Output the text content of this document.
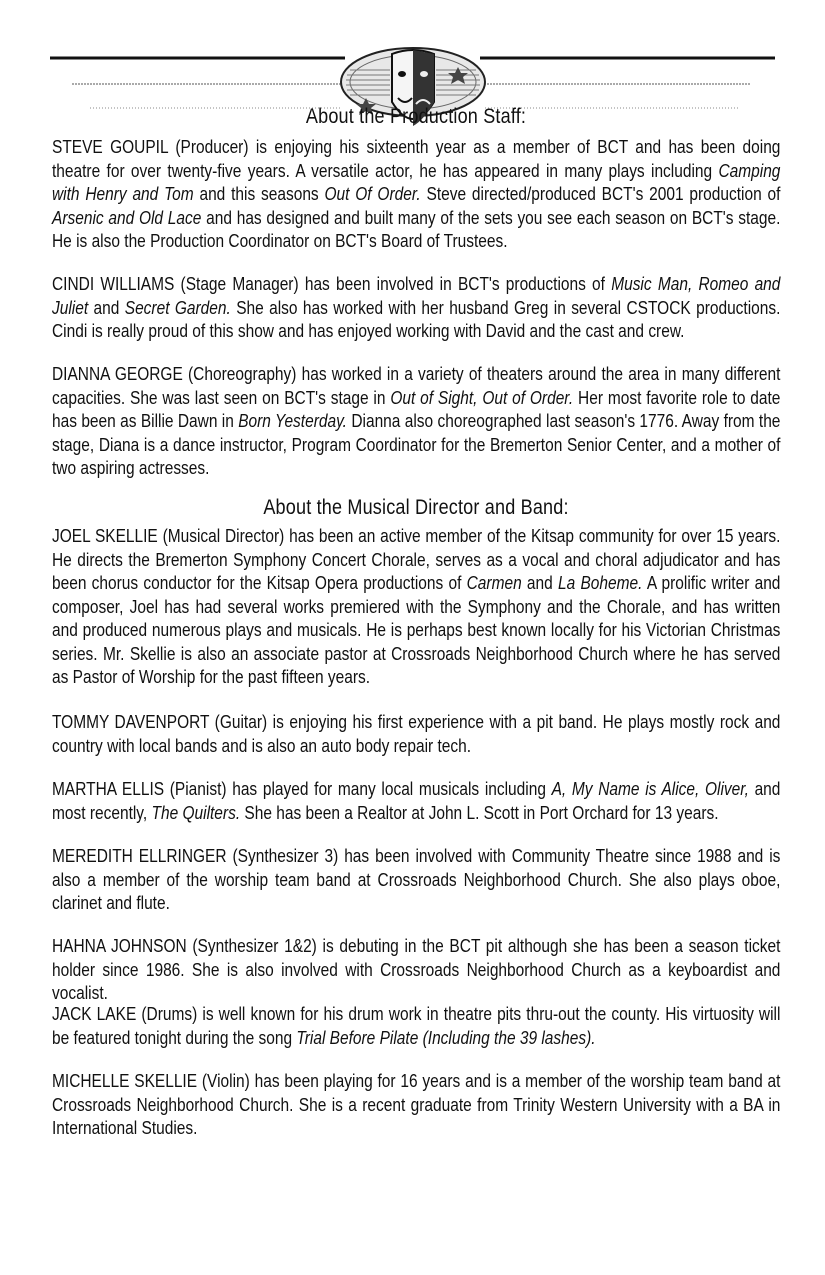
About the Production Staff:

STEVE GOUPIL (Producer) is enjoying his sixteenth year as a member of BCT and has been doing theatre for over twenty-five years. A versatile actor, he has appeared in many plays including Camping with Henry and Tom and this seasons Out Of Order. Steve directed/produced BCT's 2001 production of Arsenic and Old Lace and has designed and built many of the sets you see each season on BCT's stage. He is also the Production Coordinator on BCT's Board of Trustees.

CINDI WILLIAMS (Stage Manager) has been involved in BCT's productions of Music Man, Romeo and Juliet and Secret Garden. She also has worked with her husband Greg in several CSTOCK productions. Cindi is really proud of this show and has enjoyed working with David and the cast and crew.

DIANNA GEORGE (Choreography) has worked in a variety of theaters around the area in many different capacities. She was last seen on BCT's stage in Out of Sight, Out of Order. Her most favorite role to date has been as Billie Dawn in Born Yesterday. Dianna also choreographed last season's 1776. Away from the stage, Diana is a dance instructor, Program Coordinator for the Bremerton Senior Center, and a mother of two aspiring actresses.

About the Musical Director and Band:

JOEL SKELLIE (Musical Director) has been an active member of the Kitsap community for over 15 years. He directs the Bremerton Symphony Concert Chorale, serves as a vocal and choral adjudicator and has been chorus conductor for the Kitsap Opera productions of Carmen and La Boheme. A prolific writer and composer, Joel has had several works premiered with the Symphony and the Chorale, and has written and produced numerous plays and musicals. He is perhaps best known locally for his Victorian Christmas series. Mr. Skellie is also an associate pastor at Crossroads Neighborhood Church where he has served as Pastor of Worship for the past fifteen years.

TOMMY DAVENPORT (Guitar) is enjoying his first experience with a pit band. He plays mostly rock and country with local bands and is also an auto body repair tech.

MARTHA ELLIS (Pianist) has played for many local musicals including A, My Name is Alice, Oliver, and most recently, The Quilters. She has been a Realtor at John L. Scott in Port Orchard for 13 years.

MEREDITH ELLRINGER (Synthesizer 3) has been involved with Community Theatre since 1988 and is also a member of the worship team band at Crossroads Neighborhood Church. She also plays oboe, clarinet and flute.

HAHNA JOHNSON (Synthesizer 1&2) is debuting in the BCT pit although she has been a season ticket holder since 1986. She is also involved with Crossroads Neighborhood Church as a keyboardist and vocalist.

JACK LAKE (Drums) is well known for his drum work in theatre pits thru-out the county. His virtuosity will be featured tonight during the song Trial Before Pilate (Including the 39 lashes).

MICHELLE SKELLIE (Violin) has been playing for 16 years and is a member of the worship team band at Crossroads Neighborhood Church. She is a recent graduate from Trinity Western University with a BA in International Studies.
